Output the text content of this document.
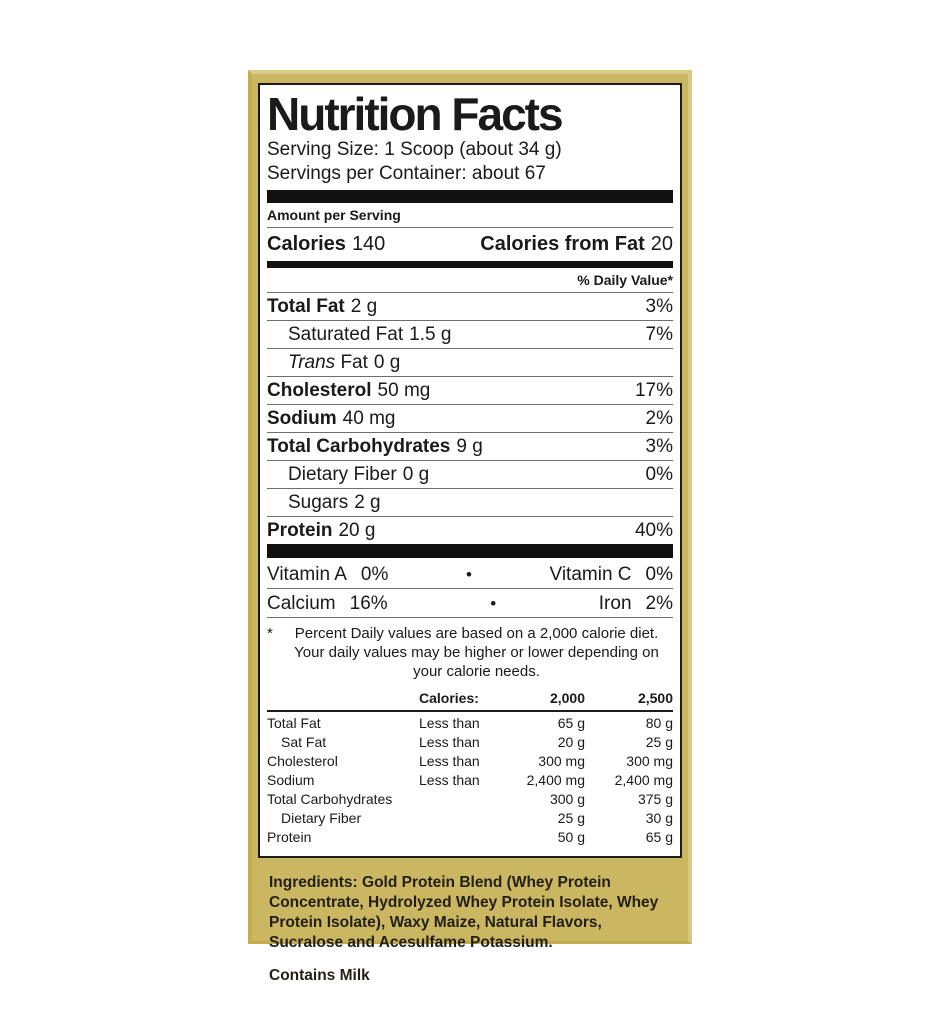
Nutrition Facts
Serving Size: 1 Scoop (about 34 g)
Servings per Container: about 67
Amount per Serving
Calories 140	Calories from Fat 20
% Daily Value*
Total Fat 2 g	3%
Saturated Fat 1.5 g	7%
Trans Fat 0 g
Cholesterol 50 mg	17%
Sodium 40 mg	2%
Total Carbohydrates 9 g	3%
Dietary Fiber 0 g	0%
Sugars 2 g
Protein 20 g	40%
Vitamin A 0%	•	Vitamin C 0%
Calcium 16%	•	Iron 2%
*	Percent Daily values are based on a 2,000 calorie diet. Your daily values may be higher or lower depending on your calorie needs.
Calories:	2,000	2,500
Total Fat	Less than	65 g	80 g
Sat Fat	Less than	20 g	25 g
Cholesterol	Less than	300 mg	300 mg
Sodium	Less than	2,400 mg	2,400 mg
Total Carbohydrates	300 g	375 g
Dietary Fiber	25 g	30 g
Protein	50 g	65 g
Ingredients: Gold Protein Blend (Whey Protein Concentrate, Hydrolyzed Whey Protein Isolate, Whey Protein Isolate), Waxy Maize, Natural Flavors, Sucralose and Acesulfame Potassium.
Contains Milk
